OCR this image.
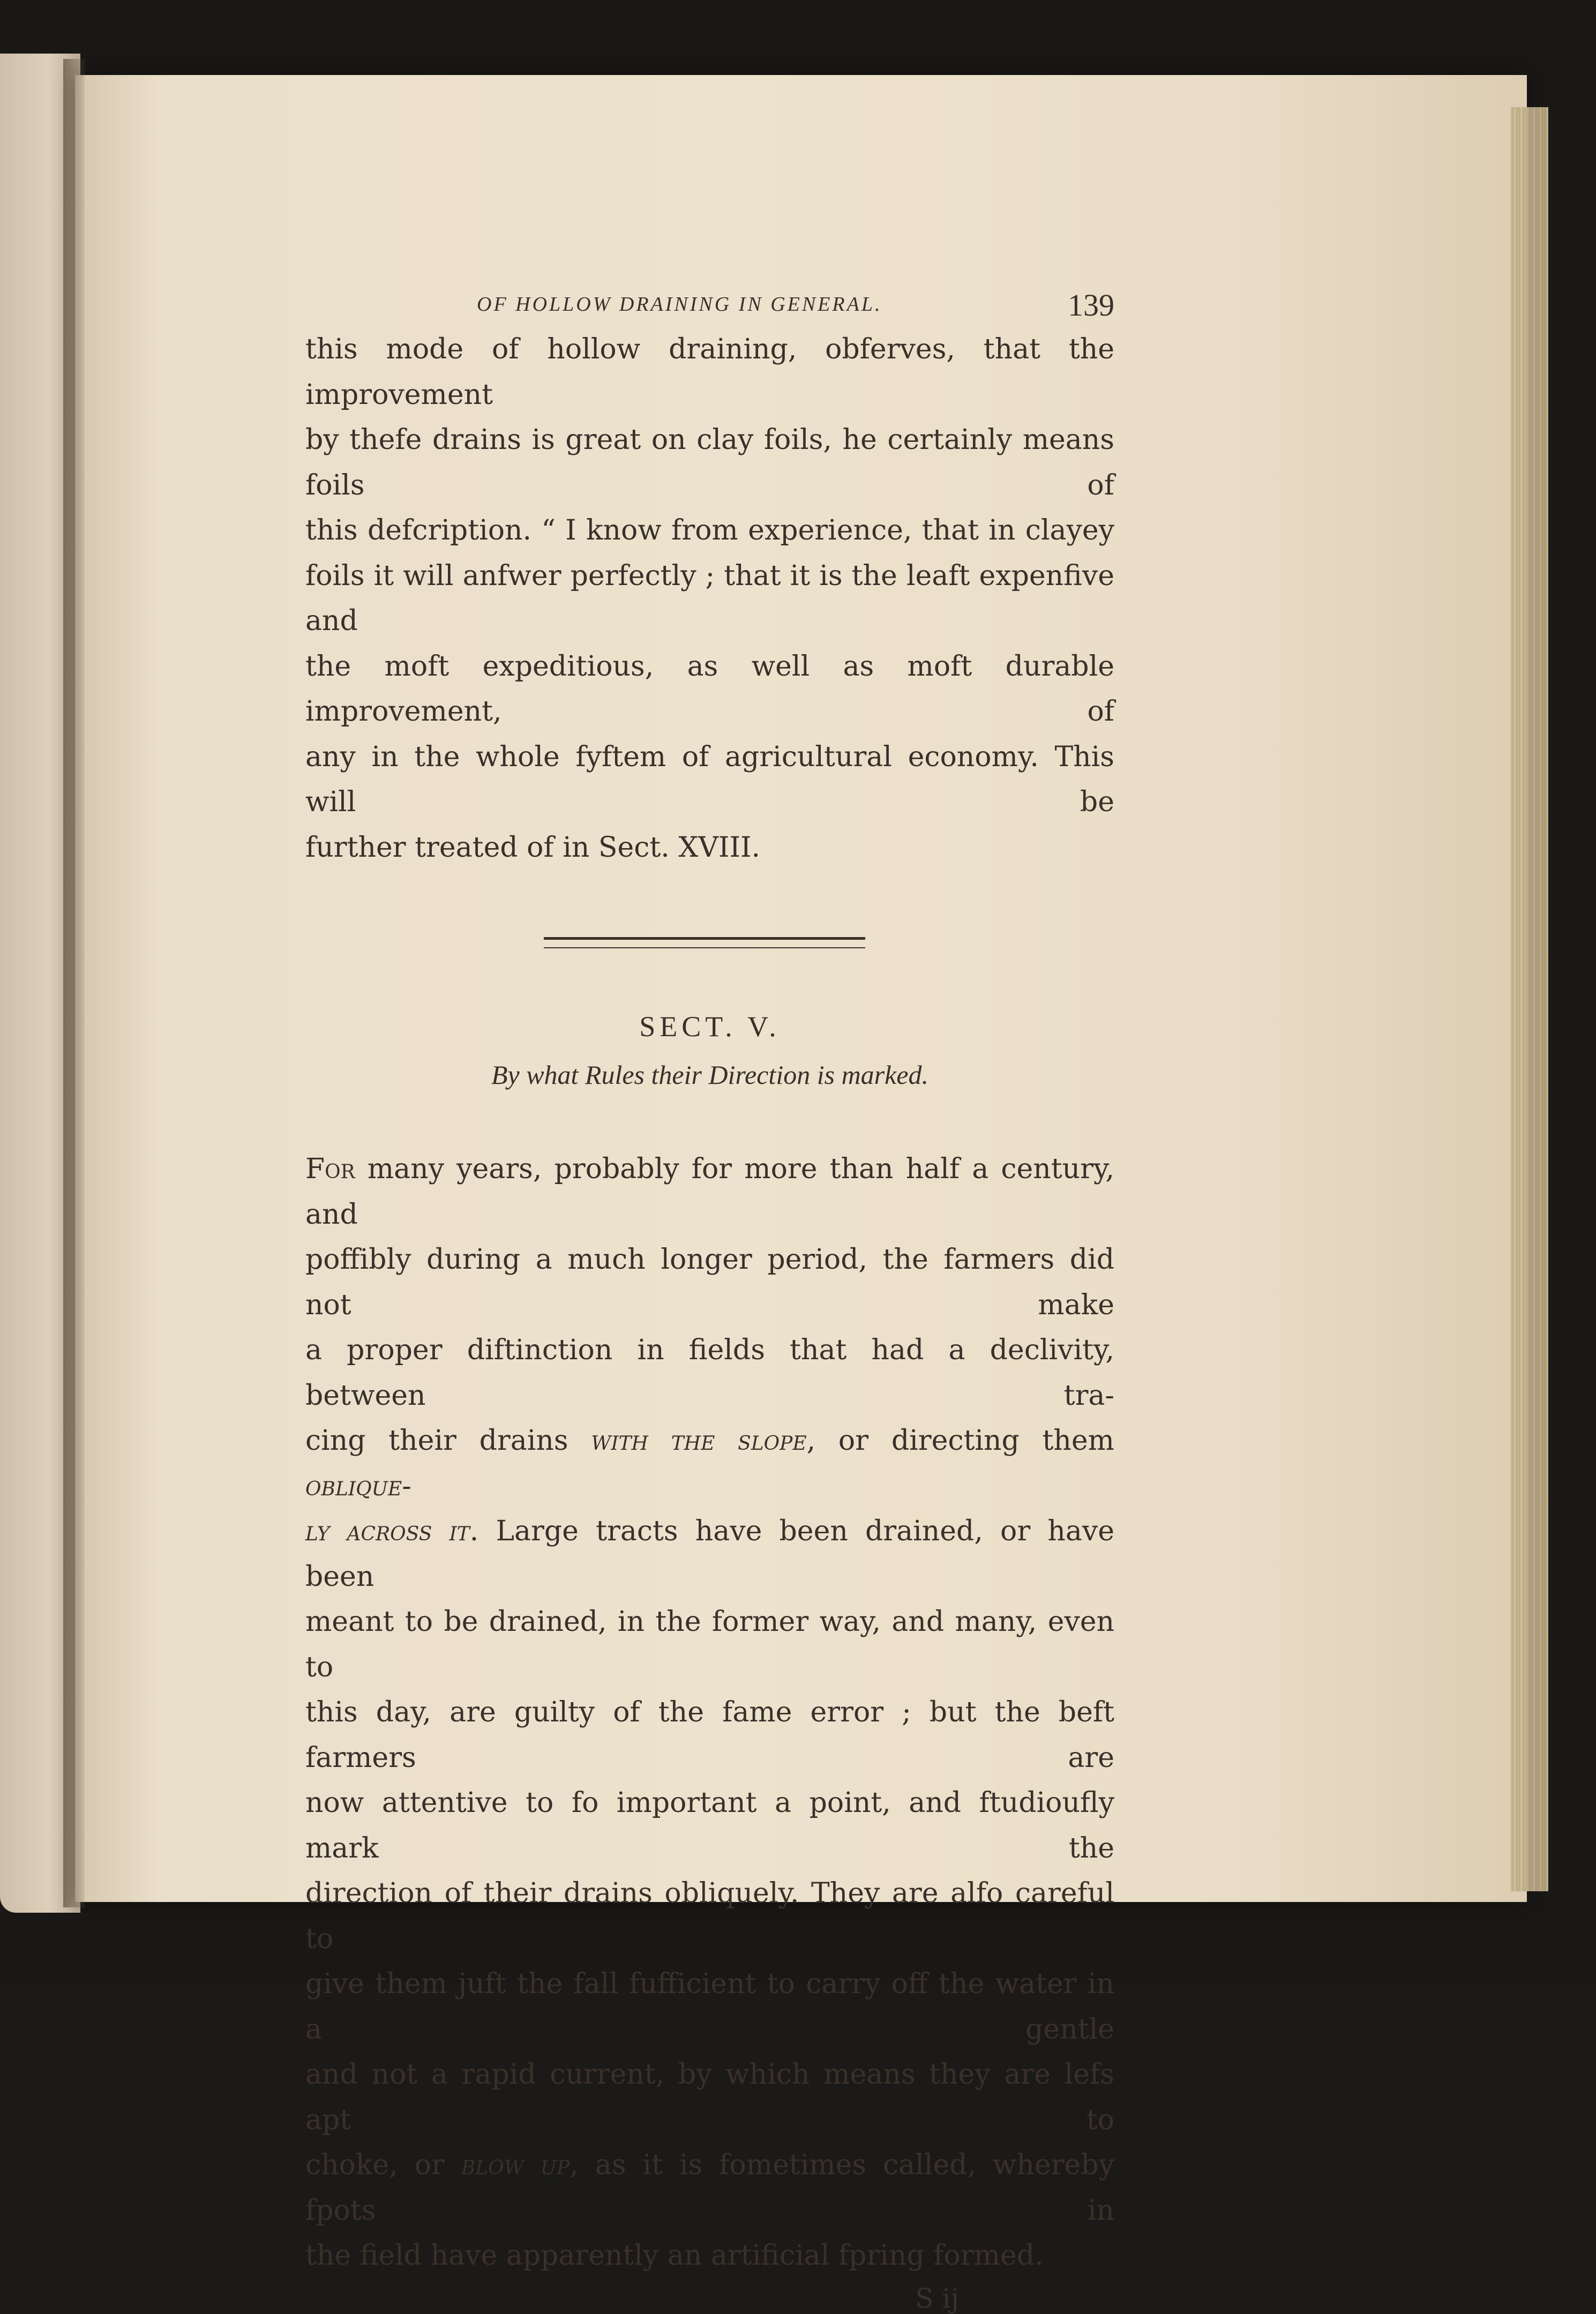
OF HOLLOW DRAINING IN GENERAL.	139

this mode of hollow draining, obferves, that the improvement
by thefe drains is great on clay foils, he certainly means foils of
this defcription. “ I know from experience, that in clayey
foils it will anfwer perfectly ; that it is the leaft expenfive and
the moft expeditious, as well as moft durable improvement, of
any in the whole fyftem of agricultural economy. This will be
further treated of in Sect. XVIII.

SECT. V.
By what Rules their Direction is marked.

For many years, probably for more than half a century, and
poffibly during a much longer period, the farmers did not make
a proper diftinction in fields that had a declivity, between tra-
cing their drains with the slope, or directing them oblique-
ly across it. Large tracts have been drained, or have been
meant to be drained, in the former way, and many, even to
this day, are guilty of the fame error ; but the beft farmers are
now attentive to fo important a point, and ftudioufly mark the
direction of their drains obliquely. They are alfo careful to
give them juft the fall fufficient to carry off the water in a gentle
and not a rapid current, by which means they are lefs apt to
choke, or blow up, as it is fometimes called, whereby fpots in
the field have apparently an artificial fpring formed.

S ij
